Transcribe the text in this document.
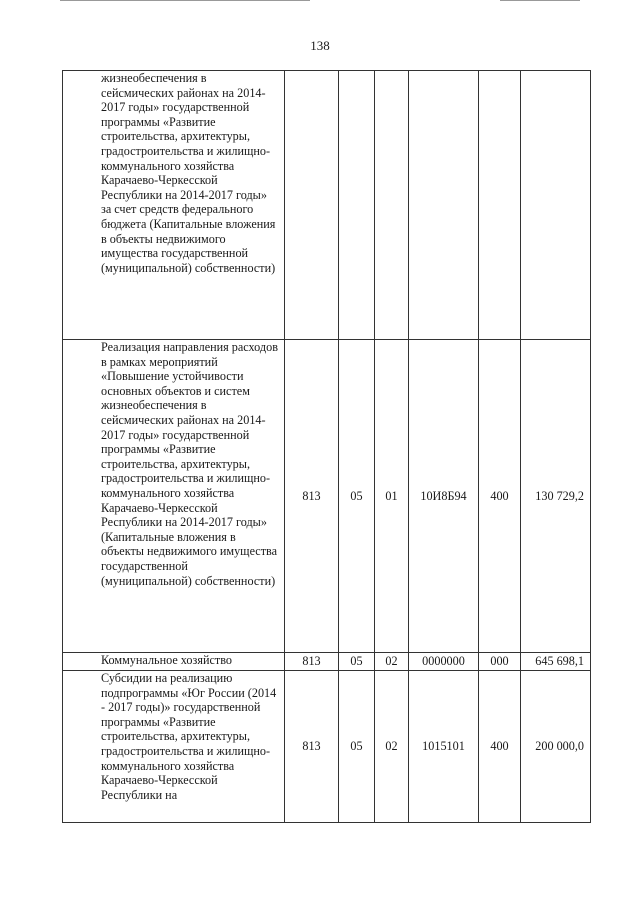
138
жизнеобеспечения в сейсмических районах на 2014-2017 годы» государственной программы «Развитие строительства, архитектуры, градостроительства и жилищно-коммунального хозяйства Карачаево-Черкесской Республики на 2014-2017 годы» за счет средств федерального бюджета (Капитальные вложения в объекты недвижимого имущества государственной (муниципальной) собственности)						
Реализация направления расходов в рамках мероприятий «Повышение устойчивости основных объектов и систем жизнеобеспечения в сейсмических районах на 2014-2017 годы» государственной программы «Развитие строительства, архитектуры, градостроительства и жилищно-коммунального хозяйства Карачаево-Черкесской Республики на 2014-2017 годы» (Капитальные вложения в объекты недвижимого имущества государственной (муниципальной) собственности)	813	05	01	10И8Б94	400	130 729,2
Коммунальное хозяйство	813	05	02	0000000	000	645 698,1
Субсидии на реализацию подпрограммы «Юг России (2014 - 2017 годы)» государственной программы «Развитие строительства, архитектуры, градостроительства и жилищно-коммунального хозяйства Карачаево-Черкесской Республики на	813	05	02	1015101	400	200 000,0
